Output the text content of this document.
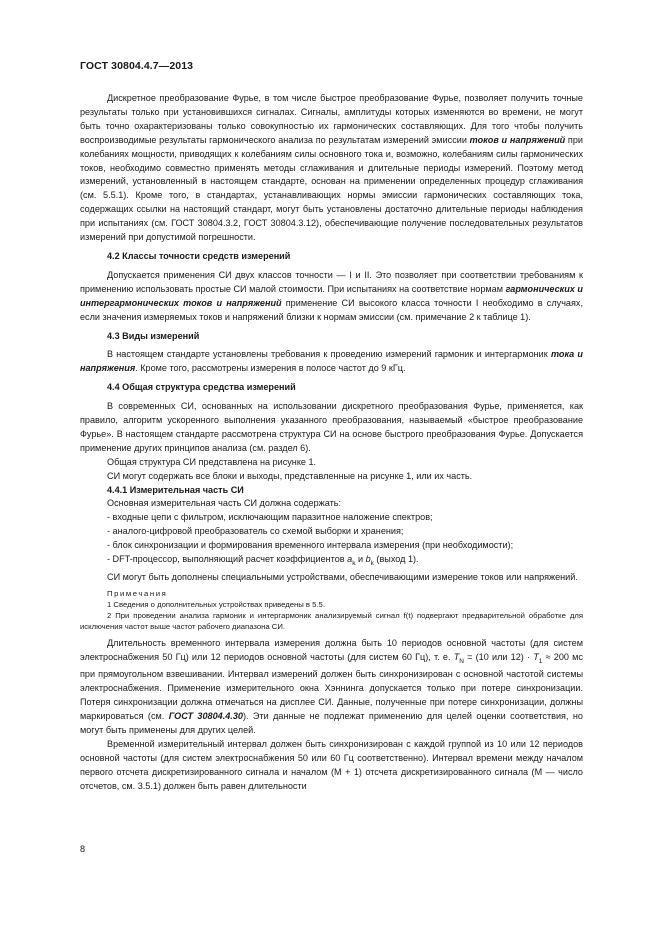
ГОСТ 30804.4.7—2013

Дискретное преобразование Фурье, в том числе быстрое преобразование Фурье, позволяет получить точные результаты только при установившихся сигналах. Сигналы, амплитуды которых изменяются во времени, не могут быть точно охарактеризованы только совокупностью их гармонических составляющих. Для того чтобы получить воспроизводимые результаты гармонического анализа по результатам измерений эмиссии токов и напряжений при колебаниях мощности, приводящих к колебаниям силы основного тока и, возможно, колебаниям силы гармонических токов, необходимо совместно применять методы сглаживания и длительные периоды измерений. Поэтому метод измерений, установленный в настоящем стандарте, основан на применении определенных процедур сглаживания (см. 5.5.1). Кроме того, в стандартах, устанавливающих нормы эмиссии гармонических составляющих тока, содержащих ссылки на настоящий стандарт, могут быть установлены достаточно длительные периоды наблюдения при испытаниях (см. ГОСТ 30804.3.2, ГОСТ 30804.3.12), обеспечивающие получение последовательных результатов измерений при допустимой погрешности.

4.2 Классы точности средств измерений

Допускается применения СИ двух классов точности — I и II. Это позволяет при соответствии требованиям к применению использовать простые СИ малой стоимости. При испытаниях на соответствие нормам гармонических и интергармонических токов и напряжений применение СИ высокого класса точности I необходимо в случаях, если значения измеряемых токов и напряжений близки к нормам эмиссии (см. примечание 2 к таблице 1).

4.3 Виды измерений

В настоящем стандарте установлены требования к проведению измерений гармоник и интергармоник тока и напряжения. Кроме того, рассмотрены измерения в полосе частот до 9 кГц.

4.4 Общая структура средства измерений

В современных СИ, основанных на использовании дискретного преобразования Фурье, применяется, как правило, алгоритм ускоренного выполнения указанного преобразования, называемый «быстрое преобразование Фурье». В настоящем стандарте рассмотрена структура СИ на основе быстрого преобразования Фурье. Допускается применение других принципов анализа (см. раздел 6).

Общая структура СИ представлена на рисунке 1.

СИ могут содержать все блоки и выходы, представленные на рисунке 1, или их часть.

4.4.1 Измерительная часть СИ

Основная измерительная часть СИ должна содержать:

- входные цепи с фильтром, исключающим паразитное наложение спектров;

- аналого-цифровой преобразователь со схемой выборки и хранения;

- блок синхронизации и формирования временного интервала измерения (при необходимости);

- DFT-процессор, выполняющий расчет коэффициентов $a_k$ и $b_k$ (выход 1).

СИ могут быть дополнены специальными устройствами, обеспечивающими измерение токов или напряжений.

Примечания

1 Сведения о дополнительных устройствах приведены в 5.5.

2 При проведении анализа гармоник и интергармоник анализируемый сигнал f(t) подвергают предварительной обработке для исключения частот выше частот рабочего диапазона СИ.

Длительность временного интервала измерения должна быть 10 периодов основной частоты (для систем электроснабжения 50 Гц) или 12 периодов основной частоты (для систем 60 Гц), т. е. $T_N = (10$ или $12) \cdot T_1 \approx 200$ мс при прямоугольном взвешивании. Интервал измерений должен быть синхронизирован с основной частотой системы электроснабжения. Применение измерительного окна Хэннинга допускается только при потере синхронизации. Потеря синхронизации должна отмечаться на дисплее СИ. Данные, полученные при потере синхронизации, должны маркироваться (см. ГОСТ 30804.4.30). Эти данные не подлежат применению для целей оценки соответствия, но могут быть применены для других целей.

Временной измерительный интервал должен быть синхронизирован с каждой группой из 10 или 12 периодов основной частоты (для систем электроснабжения 50 или 60 Гц соответственно). Интервал времени между началом первого отсчета дискретизированного сигнала и началом (M + 1) отсчета дискретизированного сигнала (M — число отсчетов, см. 3.5.1) должен быть равен длительности

8
